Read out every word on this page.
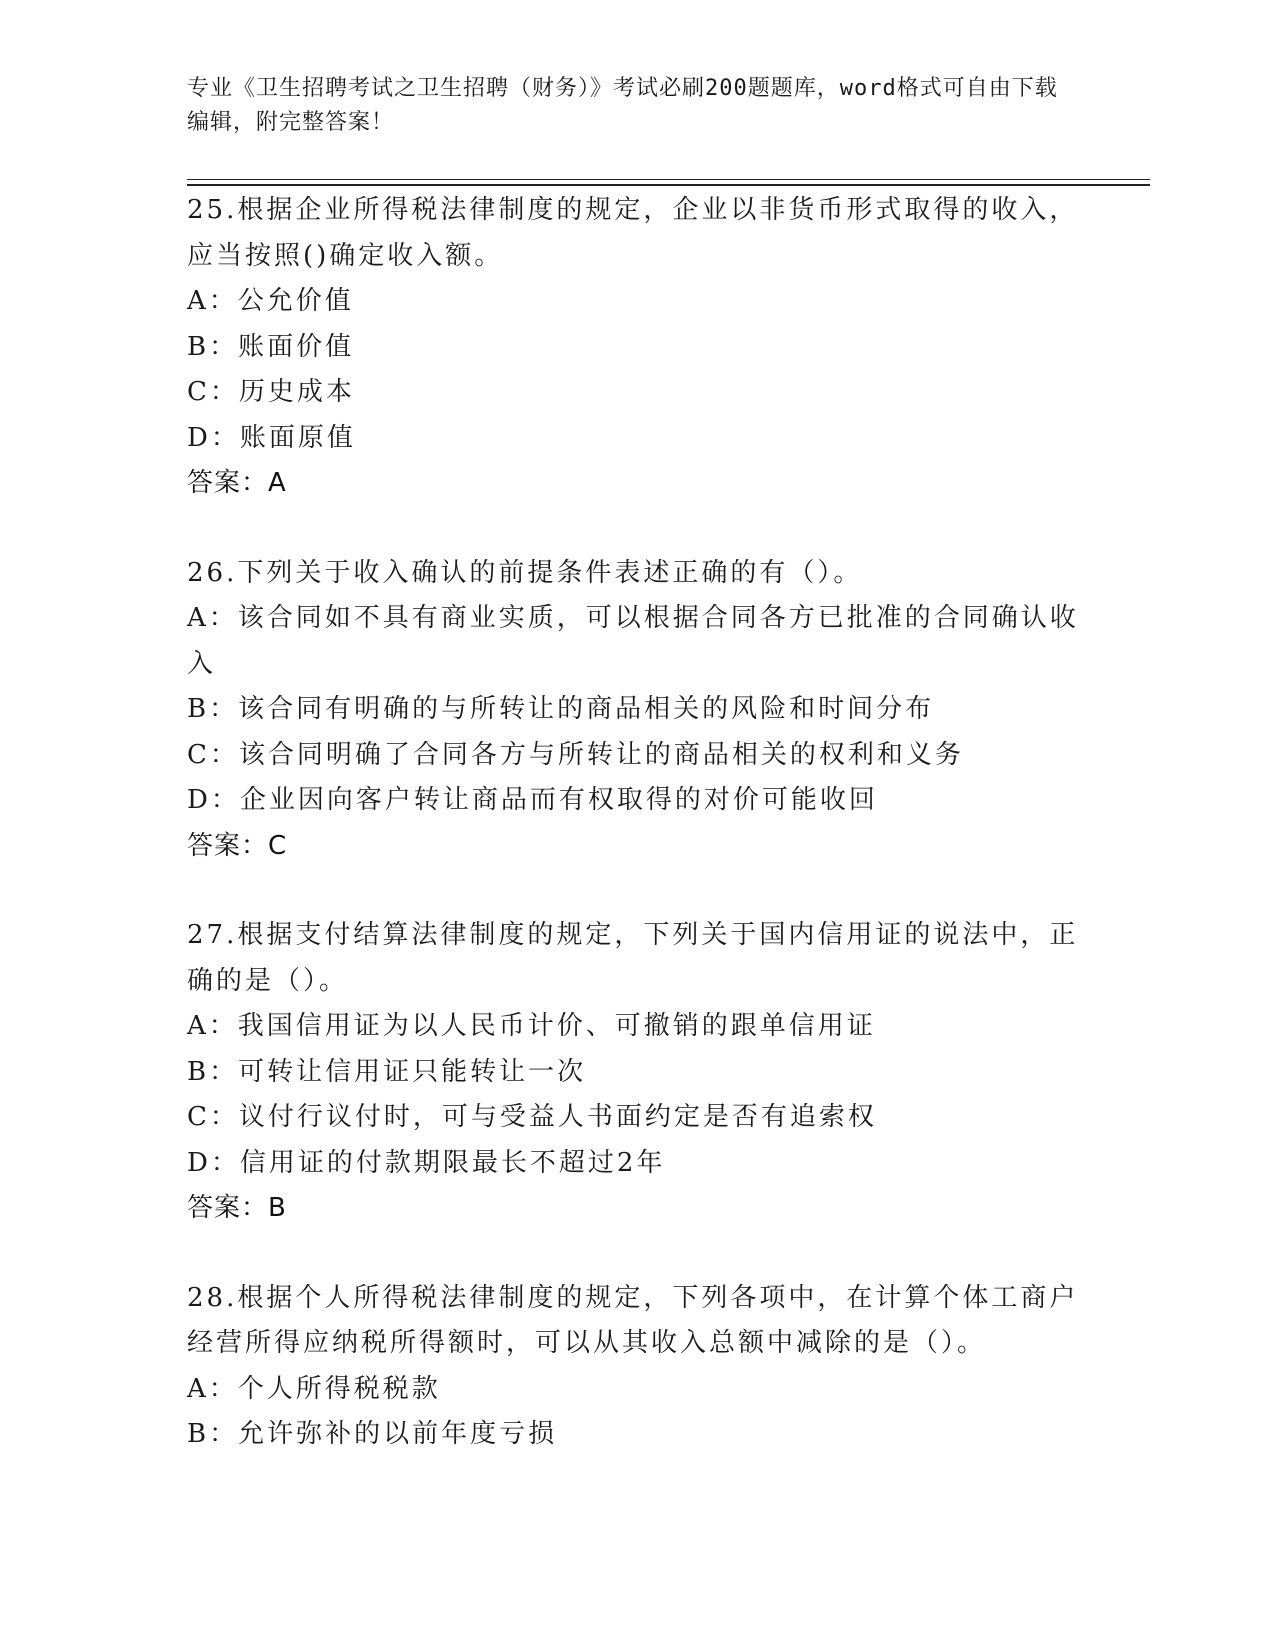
专业《卫生招聘考试之卫生招聘（财务）》考试必刷200题题库，word格式可自由下载编辑，附完整答案！
25.根据企业所得税法律制度的规定，企业以非货币形式取得的收入，应当按照()确定收入额。
A：公允价值
B：账面价值
C：历史成本
D：账面原值
答案：A
26.下列关于收入确认的前提条件表述正确的有（）。
A：该合同如不具有商业实质，可以根据合同各方已批准的合同确认收入
B：该合同有明确的与所转让的商品相关的风险和时间分布
C：该合同明确了合同各方与所转让的商品相关的权利和义务
D：企业因向客户转让商品而有权取得的对价可能收回
答案：C
27.根据支付结算法律制度的规定，下列关于国内信用证的说法中，正确的是（）。
A：我国信用证为以人民币计价、可撤销的跟单信用证
B：可转让信用证只能转让一次
C：议付行议付时，可与受益人书面约定是否有追索权
D：信用证的付款期限最长不超过2年
答案：B
28.根据个人所得税法律制度的规定，下列各项中，在计算个体工商户经营所得应纳税所得额时，可以从其收入总额中减除的是（）。
A：个人所得税税款
B：允许弥补的以前年度亏损
